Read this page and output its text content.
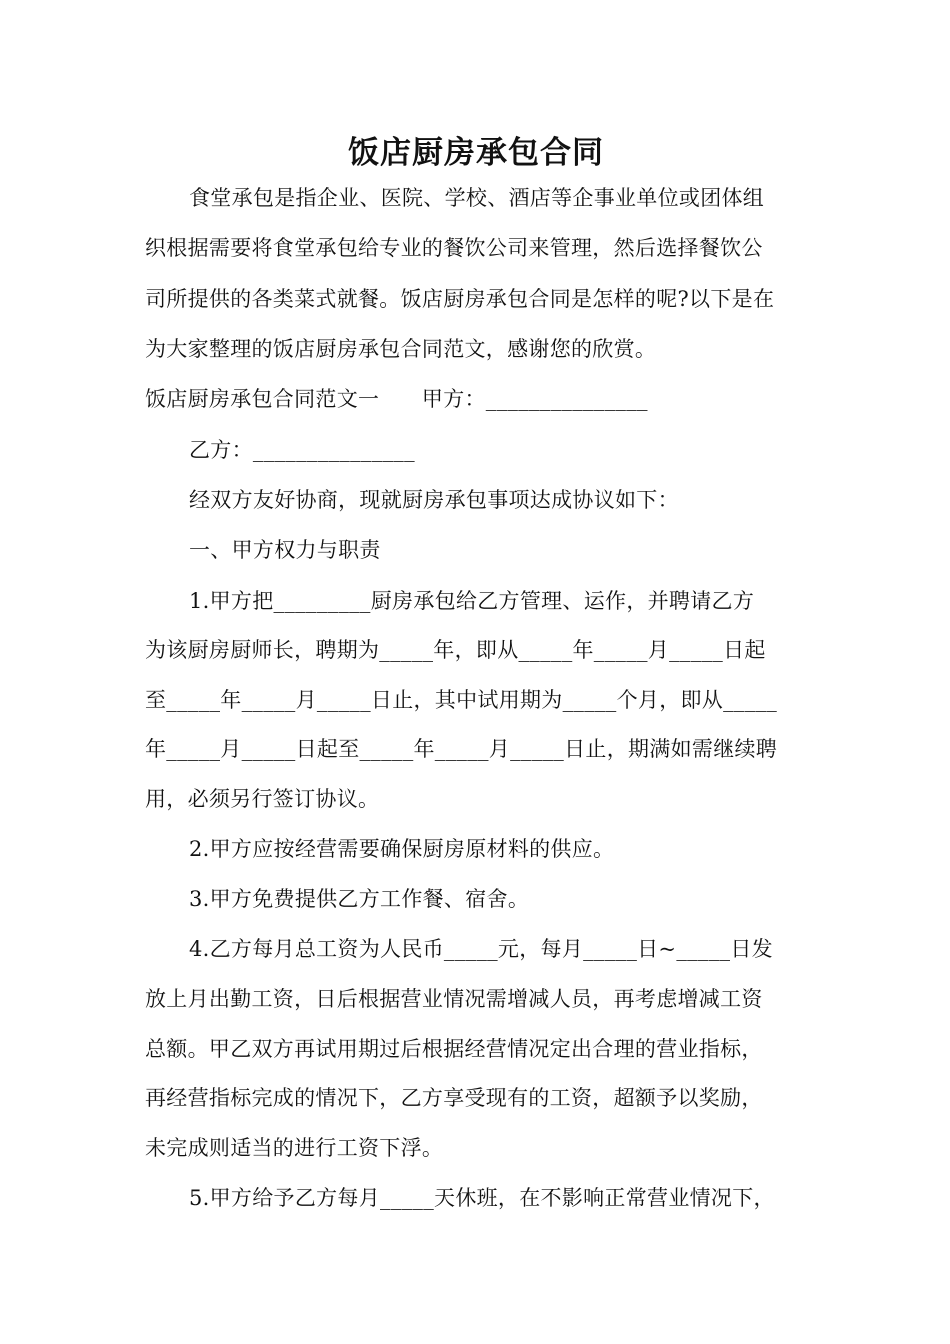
饭店厨房承包合同
食堂承包是指企业、医院、学校、酒店等企事业单位或团体组
织根据需要将食堂承包给专业的餐饮公司来管理，然后选择餐饮公
司所提供的各类菜式就餐。饭店厨房承包合同是怎样的呢?以下是在
为大家整理的饭店厨房承包合同范文，感谢您的欣赏。
饭店厨房承包合同范文一　　甲方：_______________
乙方：_______________
经双方友好协商，现就厨房承包事项达成协议如下：
一、甲方权力与职责
1.甲方把_________厨房承包给乙方管理、运作，并聘请乙方
为该厨房厨师长，聘期为_____年，即从_____年_____月_____日起
至_____年_____月_____日止，其中试用期为_____个月，即从_____
年_____月_____日起至_____年_____月_____日止，期满如需继续聘
用，必须另行签订协议。
2.甲方应按经营需要确保厨房原材料的供应。
3.甲方免费提供乙方工作餐、宿舍。
4.乙方每月总工资为人民币_____元，每月_____日~_____日发
放上月出勤工资，日后根据营业情况需增减人员，再考虑增减工资
总额。甲乙双方再试用期过后根据经营情况定出合理的营业指标，
再经营指标完成的情况下，乙方享受现有的工资，超额予以奖励，
未完成则适当的进行工资下浮。
5.甲方给予乙方每月_____天休班，在不影响正常营业情况下，
